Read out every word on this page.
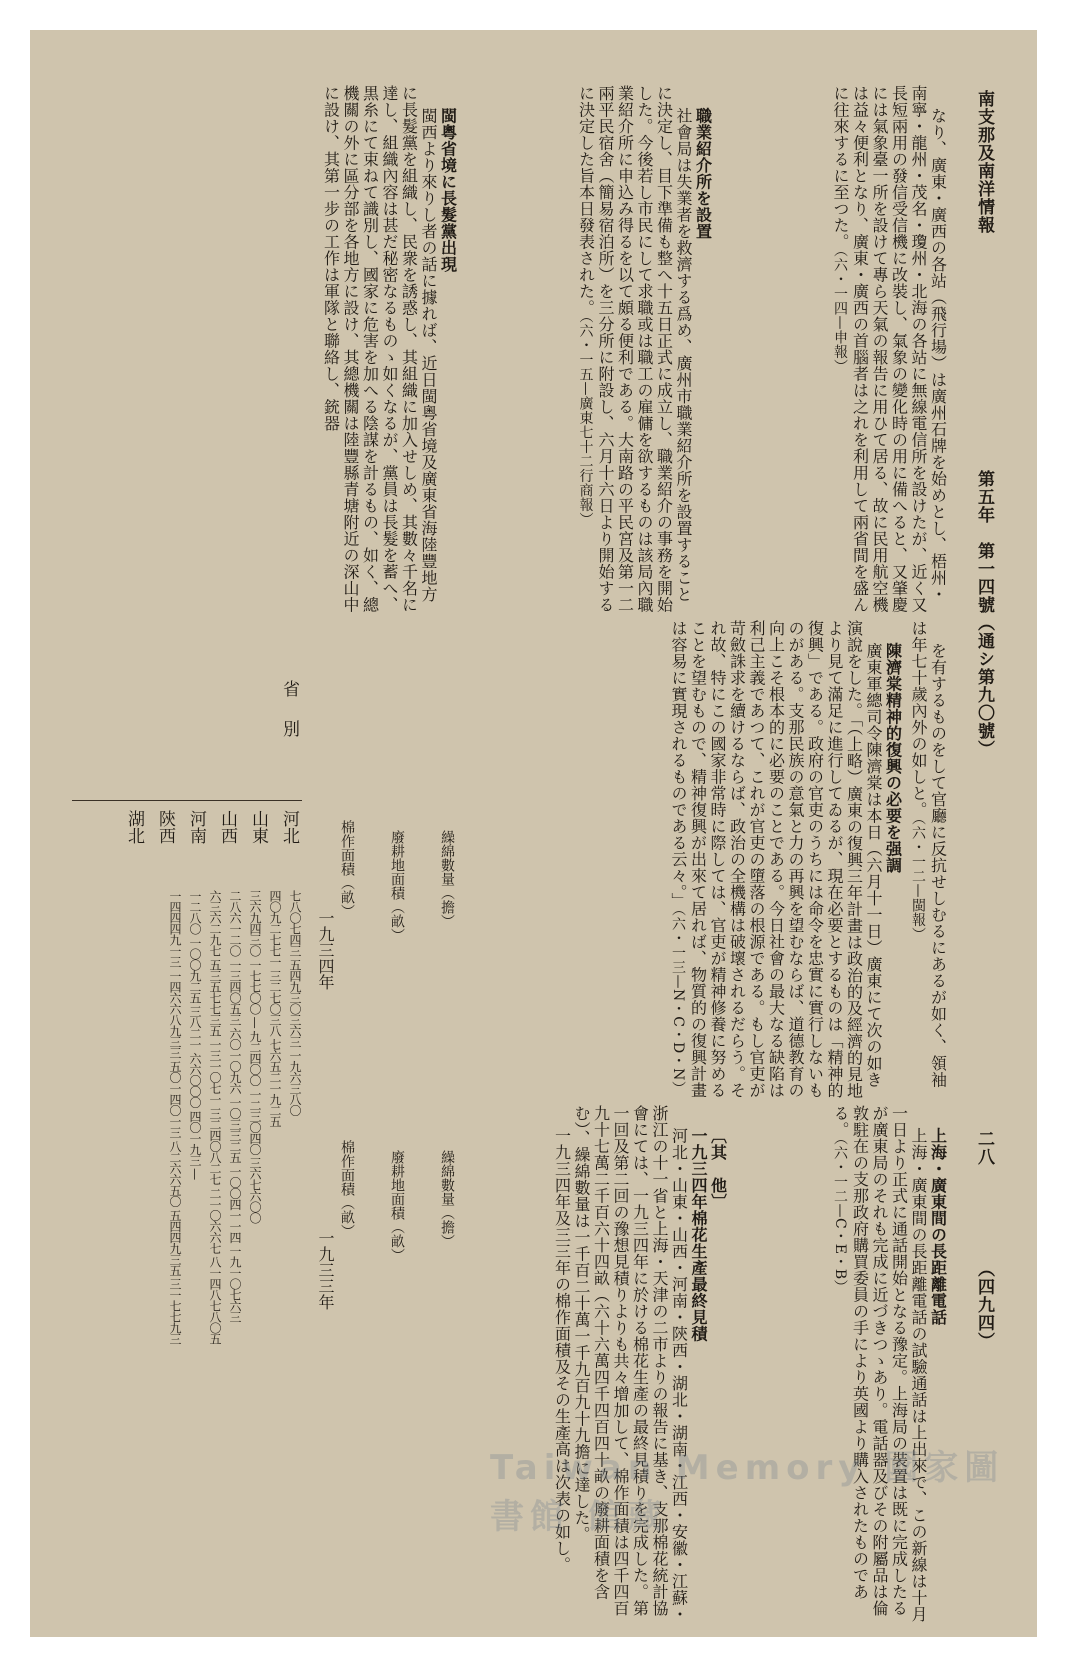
南支那及南洋情報
第五年　第一四號（通シ第九〇號）
二八
（四九四）

なり、廣東・廣西の各站（飛行場）は廣州石牌を始めとし、梧州・南寧・龍州・茂名・瓊州・北海の各站に無線電信所を設けたが、近く又長短兩用の發信受信機に改裝し、氣象の變化時の用に備へると、又肇慶には氣象臺一所を設けて專ら天氣の報告に用ひて居る、故に民用航空機は益々便利となり、廣東・廣西の首腦者は之れを利用して兩省間を盛んに往來するに至つた。（六・一四—申報）

職業紹介所を設置
社會局は失業者を救濟する爲め、廣州市職業紹介所を設置することに決定し、目下準備も整へ十五日正式に成立し、職業紹介の事務を開始した。今後若し市民にして求職或は職工の雇傭を欲するものは該局內職業紹介所に申込み得るを以て頗る便利である。大南路の平民宮及第一二兩平民宿舍（簡易宿泊所）を三分所に附設し、六月十六日より開始するに決定した旨本日發表された。（六・一五—廣東七十二行商報）

閩粵省境に長髮黨出現
閩西より來りし者の話に據れば、近日閩粵省境及廣東省海陸豐地方に長髮黨を組織し、民衆を誘惑し、其組織に加入せしめ、其數々千名に達し、組織內容は甚だ秘密なるものゝ如くなるが、黨員は長髮を蓄へ、黒糸にて束ねて識別し、國家に危害を加へる陰謀を計るもの、如く、總機關の外に區分部を各地方に設け、其總機關は陸豐縣青塘附近の深山中に設け、其第一步の工作は軍隊と聯絡し、銃器

を有するものをして官廳に反抗せしむるにあるが如く、領袖は年七十歲內外の如しと。（六・一二—閩報）

陳濟棠精神的復興の必要を强調
廣東軍總司令陳濟棠は本日（六月十一日）廣東にて次の如き演說をした。「（上略）廣東の復興三年計畫は政治的及經濟的見地より見て滿足に進行してゐるが、現在必要とするものは「精神的復興」である。政府の官吏のうちには命令を忠實に實行しないものがある。支那民族の意氣と力の再興を望むならば、道德教育の向上こそ根本的に必要のことである。今日社會の最大なる缺陷は利己主義であつて、これが官吏の墮落の根源である。もし官吏が苛斂誅求を續けるならば、政治の全機構は破壞されるだらう。それ故、特にこの國家非常時に際しては、官吏が精神修養に努めることを望むもので、精神復興が出來て居れば、物質的の復興計畫は容易に實現されるものである云々。」（六・一三—N・C・D・N）

上海・廣東間の長距離電話
上海・廣東間の長距離電話の試驗通話は上出來で、この新線は十月一日より正式に通話開始となる豫定。上海局の裝置は既に完成したるが廣東局のそれも完成に近づきつゝあり。電話器及びその附屬品は倫敦駐在の支那政府購買委員の手により英國より購入されたものである。（六・一二—C・E・B）

〔其　他〕
一九三四年棉花生產最終見積
河北・山東・山西・河南・陝西・湖北・湖南・江西・安徽・江蘇・浙江の十一省と上海・天津の二市よりの報告に基き、支那棉花統計協會にては、一九三四年に於ける棉花生產の最終見積りを完成した。第一回及第二回の豫想見積りよりも共々增加して、棉作面積は四千四百九十七萬二千百六十四畝（六十六萬四千四百四十畝の廢耕面積を含む）、繰綿數量は一千百二十萬一千九百九十九擔に達した。
一九三四年及三三年の棉作面積及その生產高は次表の如し。

省　別
河北
山東
山西
河南
陝西
湖北
一九三四年
棉作面積（畝） 廢耕地面積（畝） 繰綿數量（擔）
一九三三年
棉作面積（畝） 廢耕地面積（畝） 繰綿數量（擔）
七八〇七四三 五四九三〇三六三 一九六三八〇
四〇九二七七一 三二七〇三八 七六五二一九二五
三六九四三〇 一七七〇〇 — 九二四〇〇 一二三〇四〇 三六七六〇〇
二八六一二〇 一三四〇五三 六〇一〇九六 一〇三三二五 一〇〇四一一四 一九一〇七六三
六三六二九七 五三五七七三五 一三一〇七一 三二四〇八二七 二一〇六六七 八一四八七八〇五
一二八〇 一〇〇九二五 三八二一 六六〇〇〇 四〇一九三 —
一四四四九一三 一四六六八九三三 五〇一四〇一三 八二六六五〇 五四四九三五 三一七七九三
Taiwan Memory 國家圖書館 館藏
